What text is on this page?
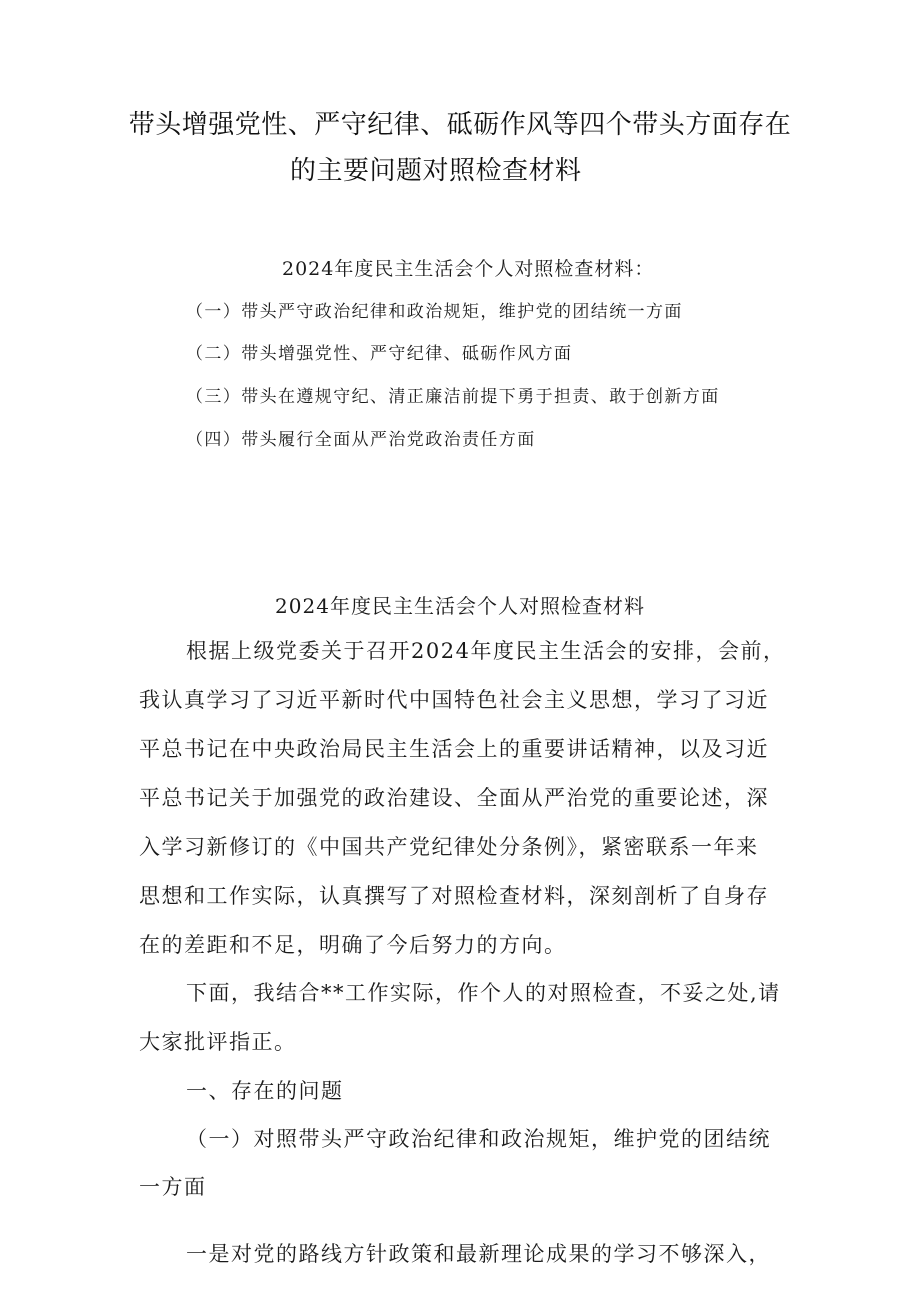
带头增强党性、严守纪律、砥砺作风等四个带头方面存在
的主要问题对照检查材料
2024年度民主生活会个人对照检查材料：
（一）带头严守政治纪律和政治规矩，维护党的团结统一方面
（二）带头增强党性、严守纪律、砥砺作风方面
（三）带头在遵规守纪、清正廉洁前提下勇于担责、敢于创新方面
（四）带头履行全面从严治党政治责任方面
2024年度民主生活会个人对照检查材料
根据上级党委关于召开2024年度民主生活会的安排，会前，
我认真学习了习近平新时代中国特色社会主义思想，学习了习近
平总书记在中央政治局民主生活会上的重要讲话精神，以及习近
平总书记关于加强党的政治建设、全面从严治党的重要论述，深
入学习新修订的《中国共产党纪律处分条例》，紧密联系一年来
思想和工作实际，认真撰写了对照检查材料，深刻剖析了自身存
在的差距和不足，明确了今后努力的方向。
下面，我结合**工作实际，作个人的对照检查，不妥之处,请
大家批评指正。
一、存在的问题
（一）对照带头严守政治纪律和政治规矩，维护党的团结统
一方面
一是对党的路线方针政策和最新理论成果的学习不够深入，
